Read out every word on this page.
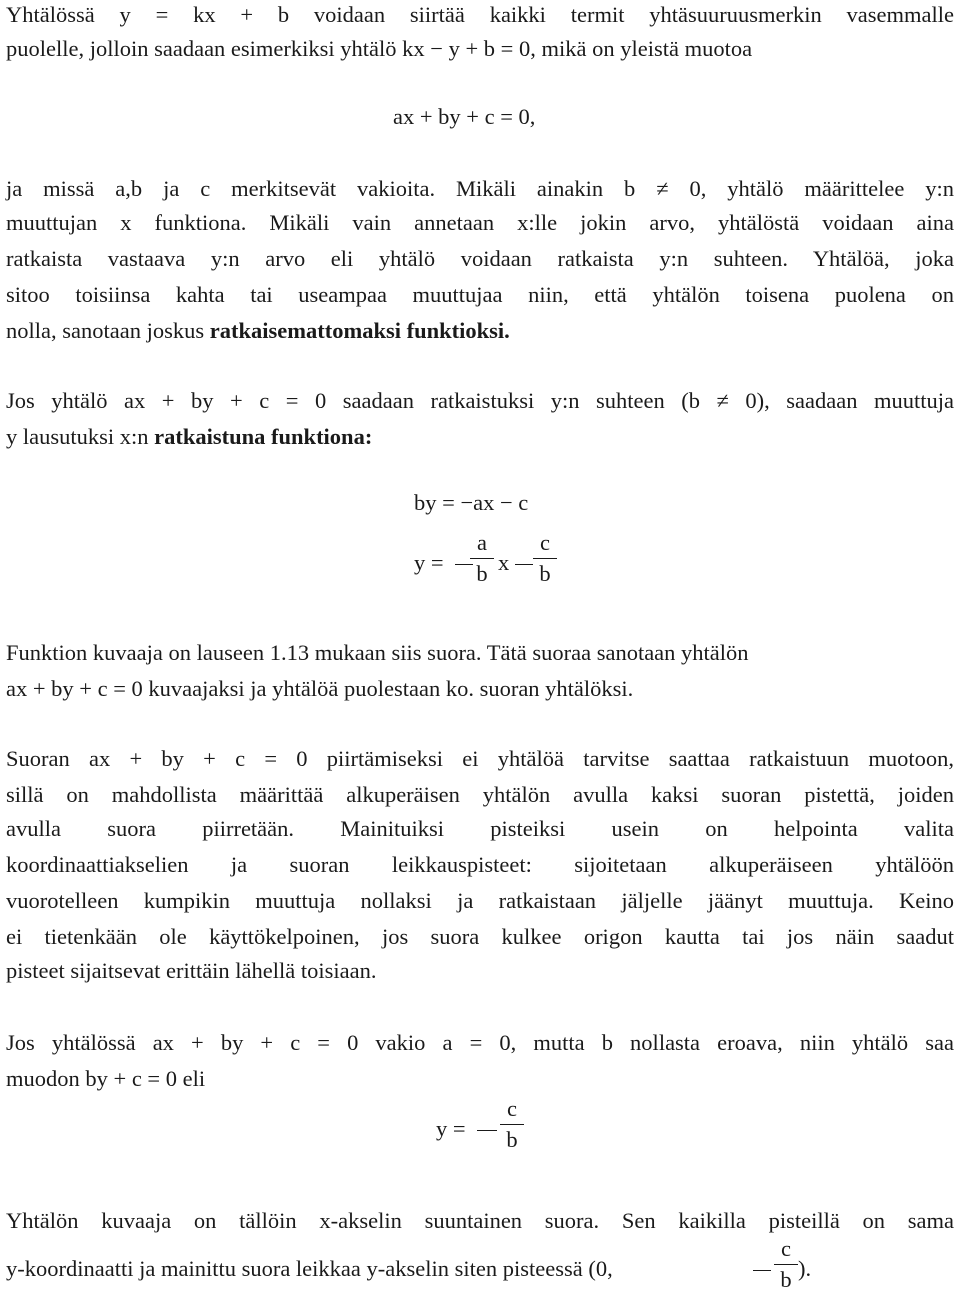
Yhtälössä y = kx + b voidaan siirtää kaikki termit yhtäsuuruusmerkin vasemmalle
puolelle, jolloin saadaan esimerkiksi yhtälö kx − y + b = 0, mikä on yleistä muotoa
ax + by + c = 0,
ja missä a,b ja c merkitsevät vakioita. Mikäli ainakin b ≠ 0, yhtälö määrittelee y:n
muuttujan x funktiona. Mikäli vain annetaan x:lle jokin arvo, yhtälöstä voidaan aina
ratkaista vastaava y:n arvo eli yhtälö voidaan ratkaista y:n suhteen. Yhtälöä, joka
sitoo toisiinsa kahta tai useampaa muuttujaa niin, että yhtälön toisena puolena on
nolla, sanotaan joskus ratkaisemattomaksi funktioksi.
Jos yhtälö ax + by + c = 0 saadaan ratkaistuksi y:n suhteen (b ≠ 0), saadaan muuttuja
y lausutuksi x:n ratkaistuna funktiona:
by = −ax − c
y =
a
b x
c
b
Funktion kuvaaja on lauseen 1.13 mukaan siis suora. Tätä suoraa sanotaan yhtälön
ax + by + c = 0 kuvaajaksi ja yhtälöä puolestaan ko. suoran yhtälöksi.
Suoran ax + by + c = 0 piirtämiseksi ei yhtälöä tarvitse saattaa ratkaistuun muotoon,
sillä on mahdollista määrittää alkuperäisen yhtälön avulla kaksi suoran pistettä, joiden
avulla suora piirretään. Mainituiksi pisteiksi usein on helpointa valita
koordinaattiakselien ja suoran leikkauspisteet: sijoitetaan alkuperäiseen yhtälöön
vuorotelleen kumpikin muuttuja nollaksi ja ratkaistaan jäljelle jäänyt muuttuja. Keino
ei tietenkään ole käyttökelpoinen, jos suora kulkee origon kautta tai jos näin saadut
pisteet sijaitsevat erittäin lähellä toisiaan.
Jos yhtälössä ax + by + c = 0 vakio a = 0, mutta b nollasta eroava, niin yhtälö saa
muodon by + c = 0 eli
y =
c
b
Yhtälön kuvaaja on tällöin x-akselin suuntainen suora. Sen kaikilla pisteillä on sama
y-koordinaatti ja mainittu suora leikkaa y-akselin siten pisteessä (0,
c
b ).
